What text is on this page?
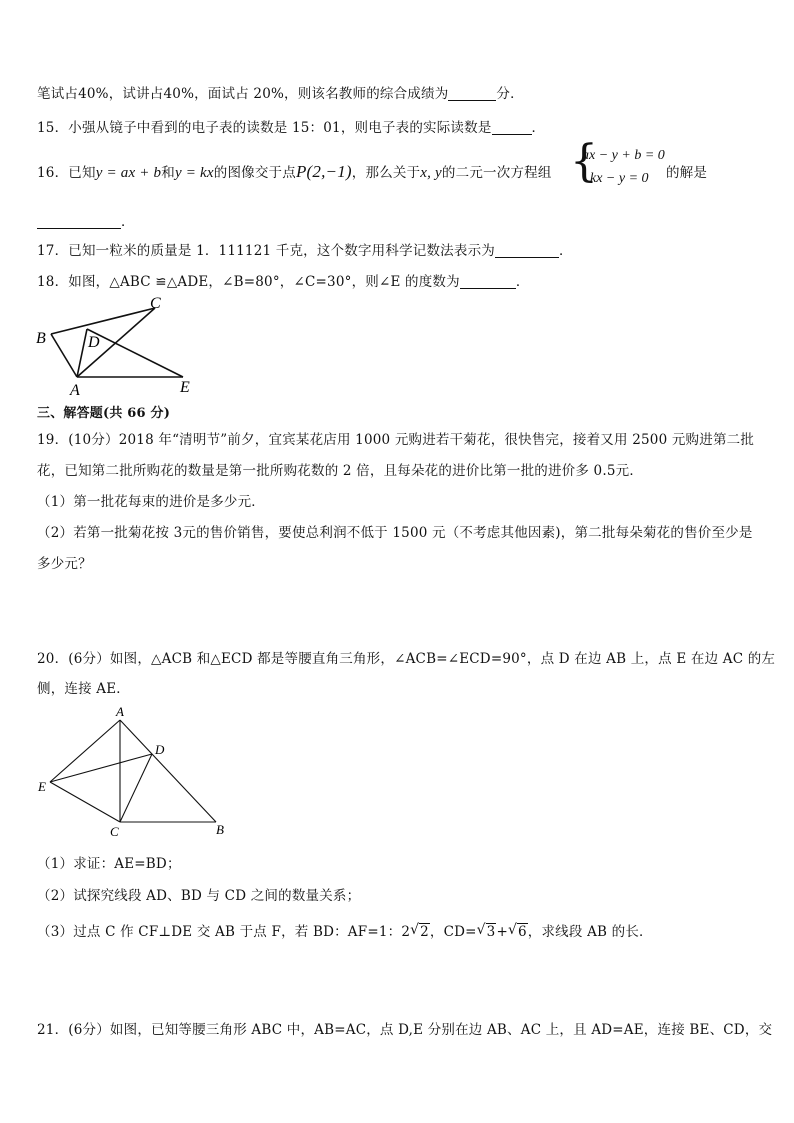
笔试占40%，试讲占40%，面试占 20%，则该名教师的综合成绩为	分．
15．小强从镜子中看到的电子表的读数是 15：01，则电子表的实际读数是	．
16．已知y = ax + b和y = kx的图像交于点P(2,−1)，那么关于x, y的二元一次方程组 {
ax − y + b = 0
kx − y = 0 的解是
．
17．已知一粒米的质量是 1．111121 千克，这个数字用科学记数法表示为	．
18．如图，△ABC ≌△ADE，∠B=80°，∠C=30°，则∠E 的度数为	．
B
C
D
A	E
三、解答题(共 66 分)
19．(10分）2018 年“清明节”前夕，宜宾某花店用 1000 元购进若干菊花，很快售完，接着又用 2500 元购进第二批
花，已知第二批所购花的数量是第一批所购花数的 2 倍，且每朵花的进价比第一批的进价多 0.5元．
（1）第一批花每束的进价是多少元．
（2）若第一批菊花按 3元的售价销售，要使总利润不低于 1500 元（不考虑其他因素)，第二批每朵菊花的售价至少是
多少元？
20．(6分）如图，△ACB 和△ECD 都是等腰直角三角形，∠ACB=∠ECD=90°，点 D 在边 AB 上，点 E 在边 AC 的左
侧，连接 AE．
A
D
E
C	B
（1）求证：AE=BD；
（2）试探究线段 AD、BD 与 CD 之间的数量关系；
（3）过点 C 作 CF⊥DE 交 AB 于点 F，若 BD：AF=1：2 √ 2，CD= √ 3+ √ 6，求线段 AB 的长．
21．(6分）如图，已知等腰三角形 ABC 中，AB=AC，点 D,E 分别在边 AB、AC 上，且 AD=AE，连接 BE、CD，交
